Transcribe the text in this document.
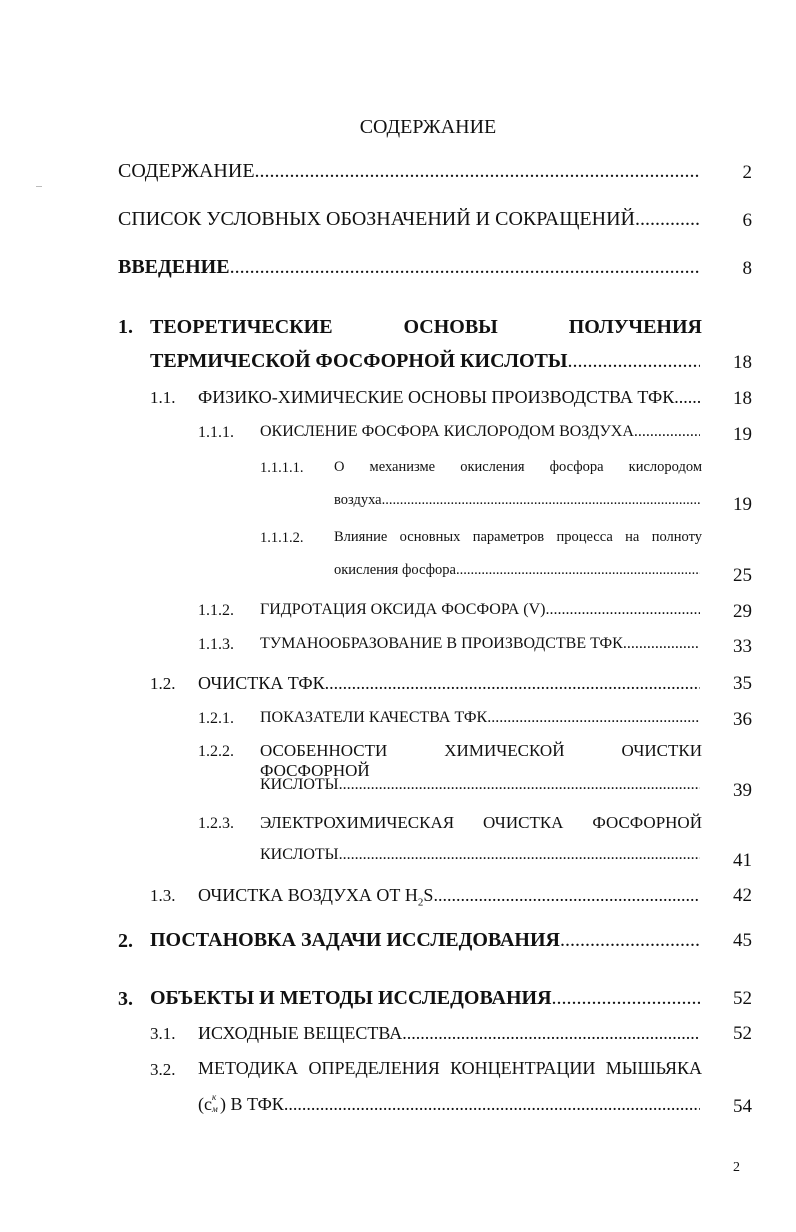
СОДЕРЖАНИЕ
СОДЕРЖАНИЕ .....	2
СПИСОК УСЛОВНЫХ ОБОЗНАЧЕНИЙ И СОКРАЩЕНИЙ .....	6
ВВЕДЕНИЕ .....	8
1. ТЕОРЕТИЧЕСКИЕ	ОСНОВЫ	ПОЛУЧЕНИЯ
ТЕРМИЧЕСКОЙ ФОСФОРНОЙ КИСЛОТЫ .....	18
1.1. ФИЗИКО-ХИМИЧЕСКИЕ ОСНОВЫ ПРОИЗВОДСТВА ТФК .....	18
1.1.1. ОКИСЛЕНИЕ ФОСФОРА КИСЛОРОДОМ ВОЗДУХА .....	19
1.1.1.1. О механизме окисления фосфора кислородом
воздуха .....	19
1.1.1.2. Влияние основных параметров процесса на полноту
окисления фосфора .....	25
1.1.2. ГИДРОТАЦИЯ ОКСИДА ФОСФОРА (V) .....	29
1.1.3. ТУМАНООБРАЗОВАНИЕ В ПРОИЗВОДСТВЕ ТФК .....	33
1.2. ОЧИСТКА ТФК .....	35
1.2.1. ПОКАЗАТЕЛИ КАЧЕСТВА ТФК .....	36
1.2.2. ОСОБЕННОСТИ ХИМИЧЕСКОЙ ОЧИСТКИ ФОСФОРНОЙ
КИСЛОТЫ .....	39
1.2.3. ЭЛЕКТРОХИМИЧЕСКАЯ ОЧИСТКА ФОСФОРНОЙ
КИСЛОТЫ .....	41
1.3. ОЧИСТКА ВОЗДУХА ОТ $H_2S$ .....	42
2. ПОСТАНОВКА ЗАДАЧИ ИССЛЕДОВАНИЯ .....	45
3. ОБЪЕКТЫ И МЕТОДЫ ИССЛЕДОВАНИЯ .....	52
3.1. ИСХОДНЫЕ ВЕЩЕСТВА .....	52
3.2. МЕТОДИКА ОПРЕДЕЛЕНИЯ КОНЦЕНТРАЦИИ МЫШЬЯКА
(c к
м ) В ТФК .....	54
2
